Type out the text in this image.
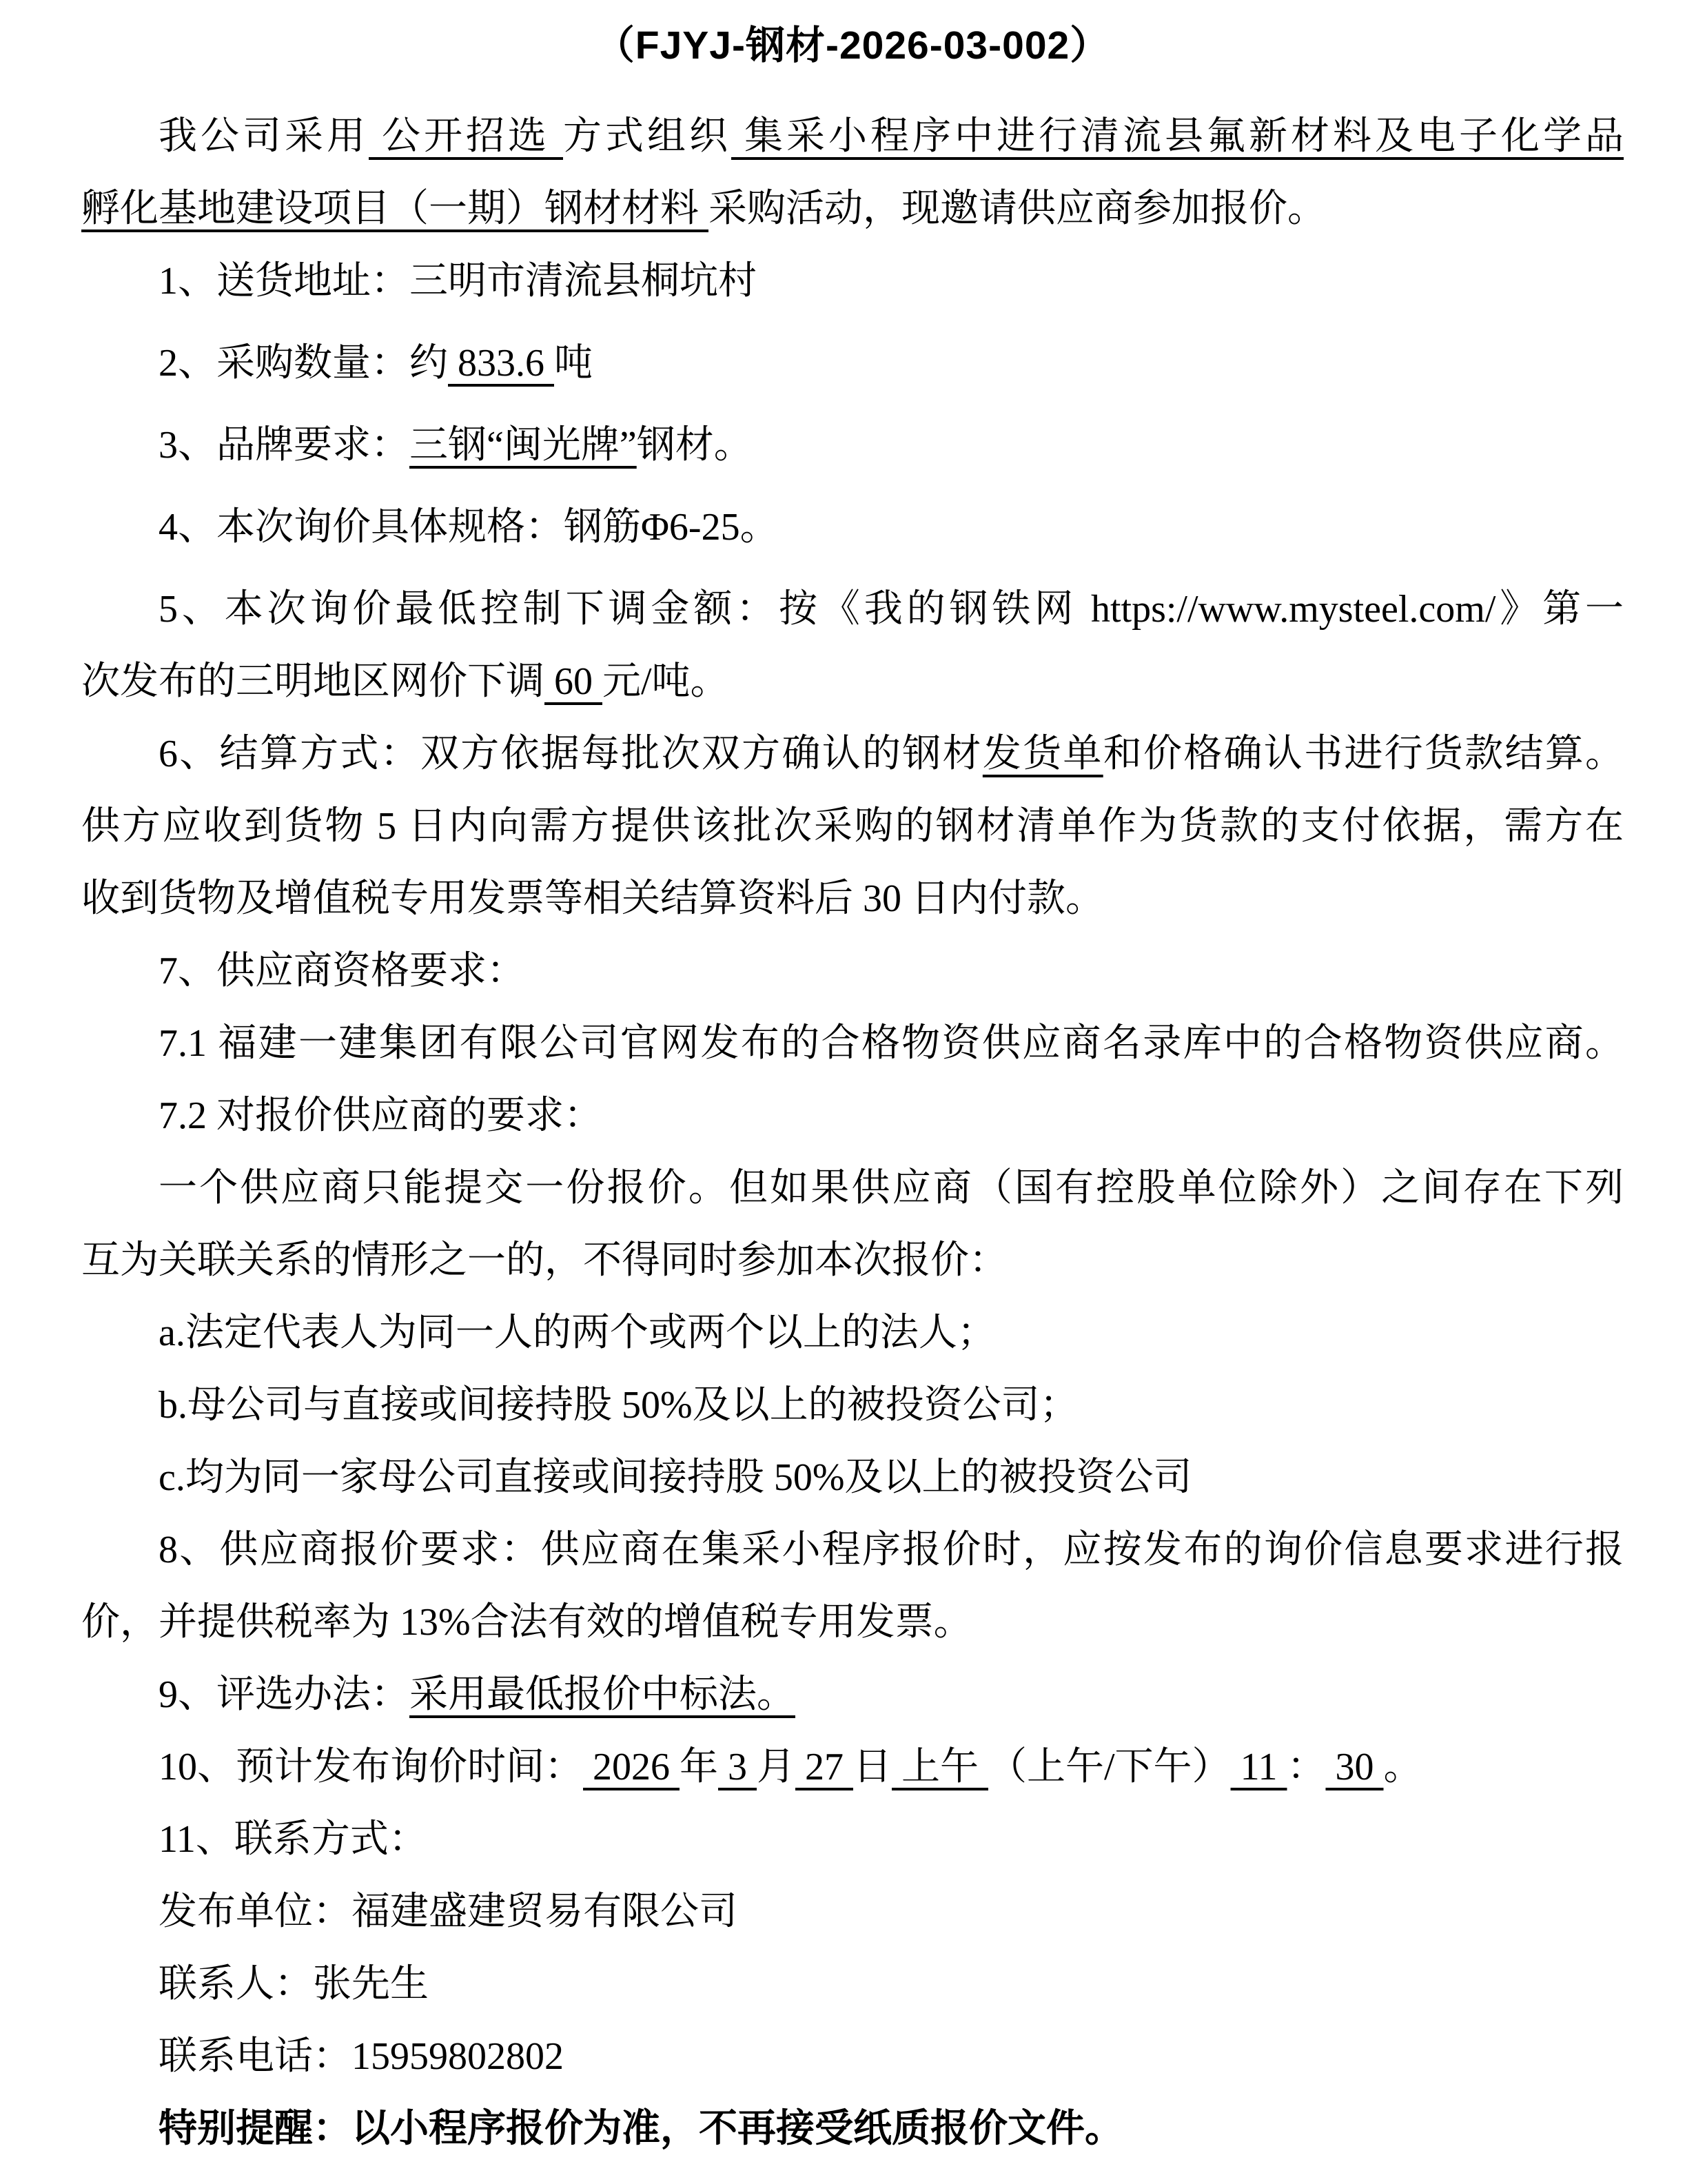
（FJYJ-钢材-2026-03-002）
我公司采用 公开招选 方式组织 集采小程序中进行清流县氟新材料及电子化学品
孵化基地建设项目（一期）钢材材料 采购活动，现邀请供应商参加报价。
1、送货地址：三明市清流县桐坑村
2、采购数量：约 833.6 吨
3、品牌要求：三钢“闽光牌”钢材。
4、本次询价具体规格：钢筋Φ6-25。
5、本次询价最低控制下调金额：按《我的钢铁网 https://www.mysteel.com/》第一
次发布的三明地区网价下调 60 元/吨。
6、结算方式：双方依据每批次双方确认的钢材发货单和价格确认书进行货款结算。
供方应收到货物 5 日内向需方提供该批次采购的钢材清单作为货款的支付依据，需方在
收到货物及增值税专用发票等相关结算资料后 30 日内付款。
7、供应商资格要求：
7.1 福建一建集团有限公司官网发布的合格物资供应商名录库中的合格物资供应商。
7.2 对报价供应商的要求：
一个供应商只能提交一份报价。但如果供应商（国有控股单位除外）之间存在下列
互为关联关系的情形之一的，不得同时参加本次报价：
a.法定代表人为同一人的两个或两个以上的法人；
b.母公司与直接或间接持股 50%及以上的被投资公司；
c.均为同一家母公司直接或间接持股 50%及以上的被投资公司
8、供应商报价要求：供应商在集采小程序报价时，应按发布的询价信息要求进行报
价，并提供税率为 13%合法有效的增值税专用发票。
9、评选办法：采用最低报价中标法。
10、预计发布询价时间： 2026 年 3 月 27 日 上午 （上午/下午） 11 ： 30 。
11、联系方式：
发布单位：福建盛建贸易有限公司
联系人：张先生
联系电话：15959802802
特别提醒：以小程序报价为准，不再接受纸质报价文件。
